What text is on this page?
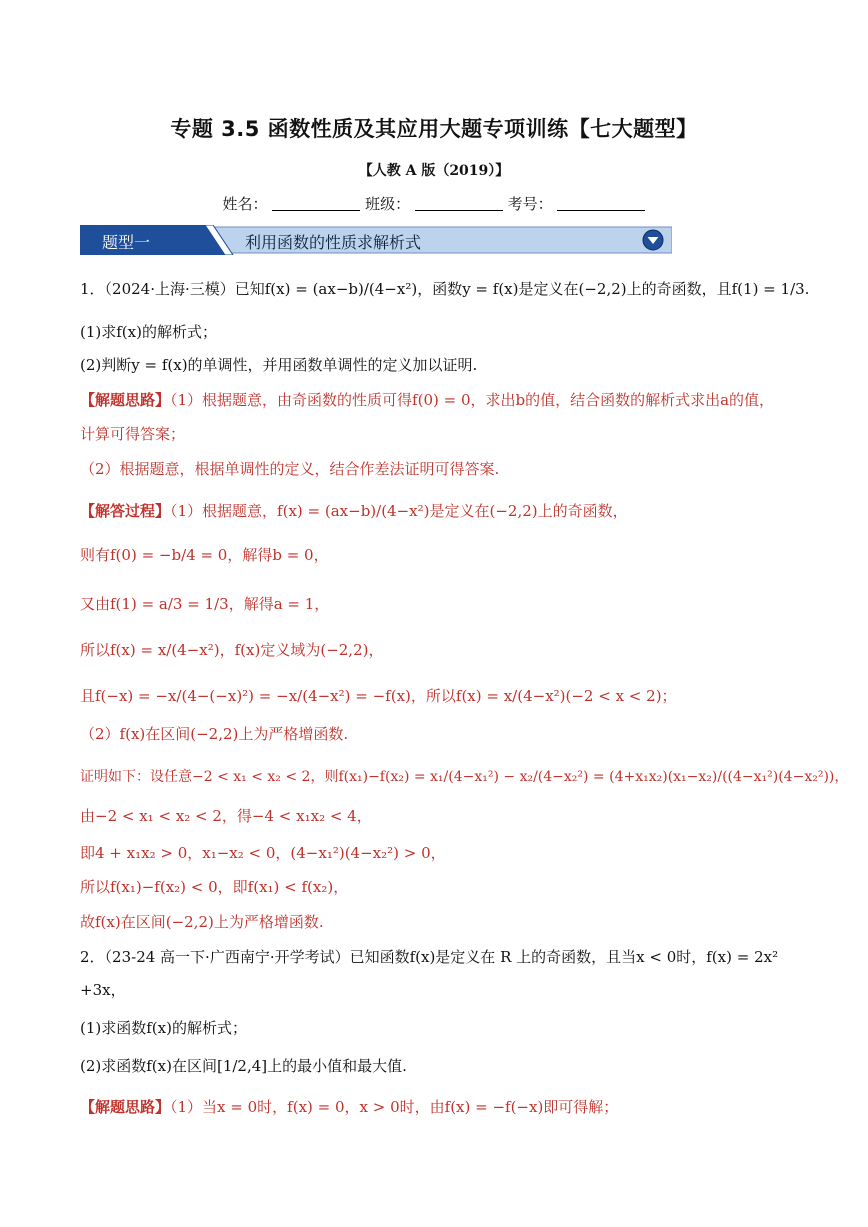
专题 3.5 函数性质及其应用大题专项训练【七大题型】
【人教 A 版（2019）】
姓名：	班级：	考号：
题型一	利用函数的性质求解析式
1．（2024·上海·三模）已知f(x) = (ax−b)/(4−x²)，函数y = f(x)是定义在(−2,2)上的奇函数，且f(1) = 1/3.
(1)求f(x)的解析式；
(2)判断y = f(x)的单调性，并用函数单调性的定义加以证明.
【解题思路】（1）根据题意，由奇函数的性质可得f(0) = 0，求出b的值，结合函数的解析式求出a的值，
计算可得答案；
（2）根据题意，根据单调性的定义，结合作差法证明可得答案.
【解答过程】（1）根据题意，f(x) = (ax−b)/(4−x²)是定义在(−2,2)上的奇函数，
则有f(0) = −b/4 = 0，解得b = 0，
又由f(1) = a/3 = 1/3，解得a = 1，
所以f(x) = x/(4−x²)，f(x)定义域为(−2,2)，
且f(−x) = −x/(4−(−x)²) = −x/(4−x²) = −f(x)，所以f(x) = x/(4−x²)(−2 < x < 2)；
（2）f(x)在区间(−2,2)上为严格增函数.
证明如下：设任意−2 < x₁ < x₂ < 2，则f(x₁)−f(x₂) = x₁/(4−x₁²) − x₂/(4−x₂²) = (4+x₁x₂)(x₁−x₂)/((4−x₁²)(4−x₂²))，
由−2 < x₁ < x₂ < 2，得−4 < x₁x₂ < 4，
即4 + x₁x₂ > 0，x₁−x₂ < 0，(4−x₁²)(4−x₂²) > 0，
所以f(x₁)−f(x₂) < 0，即f(x₁) < f(x₂)，
故f(x)在区间(−2,2)上为严格增函数.
2．（23-24 高一下·广西南宁·开学考试）已知函数f(x)是定义在 R 上的奇函数，且当x < 0时，f(x) = 2x²
+3x，
(1)求函数f(x)的解析式；
(2)求函数f(x)在区间[1/2,4]上的最小值和最大值.
【解题思路】（1）当x = 0时，f(x) = 0，x > 0时，由f(x) = −f(−x)即可得解；
